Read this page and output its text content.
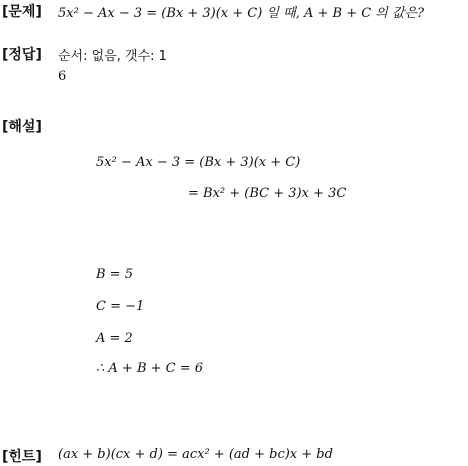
[문제] 5x² − Ax − 3 = (Bx + 3)(x + C) 일 때, A + B + C 의 값은?
[정답] 순서: 없음, 갯수: 1
6
[해설]
5x² − Ax − 3 = (Bx + 3)(x + C)
= Bx² + (BC + 3)x + 3C
B = 5
C = −1
A = 2
∴ A + B + C = 6
[힌트] (ax + b)(cx + d) = acx² + (ad + bc)x + bd
